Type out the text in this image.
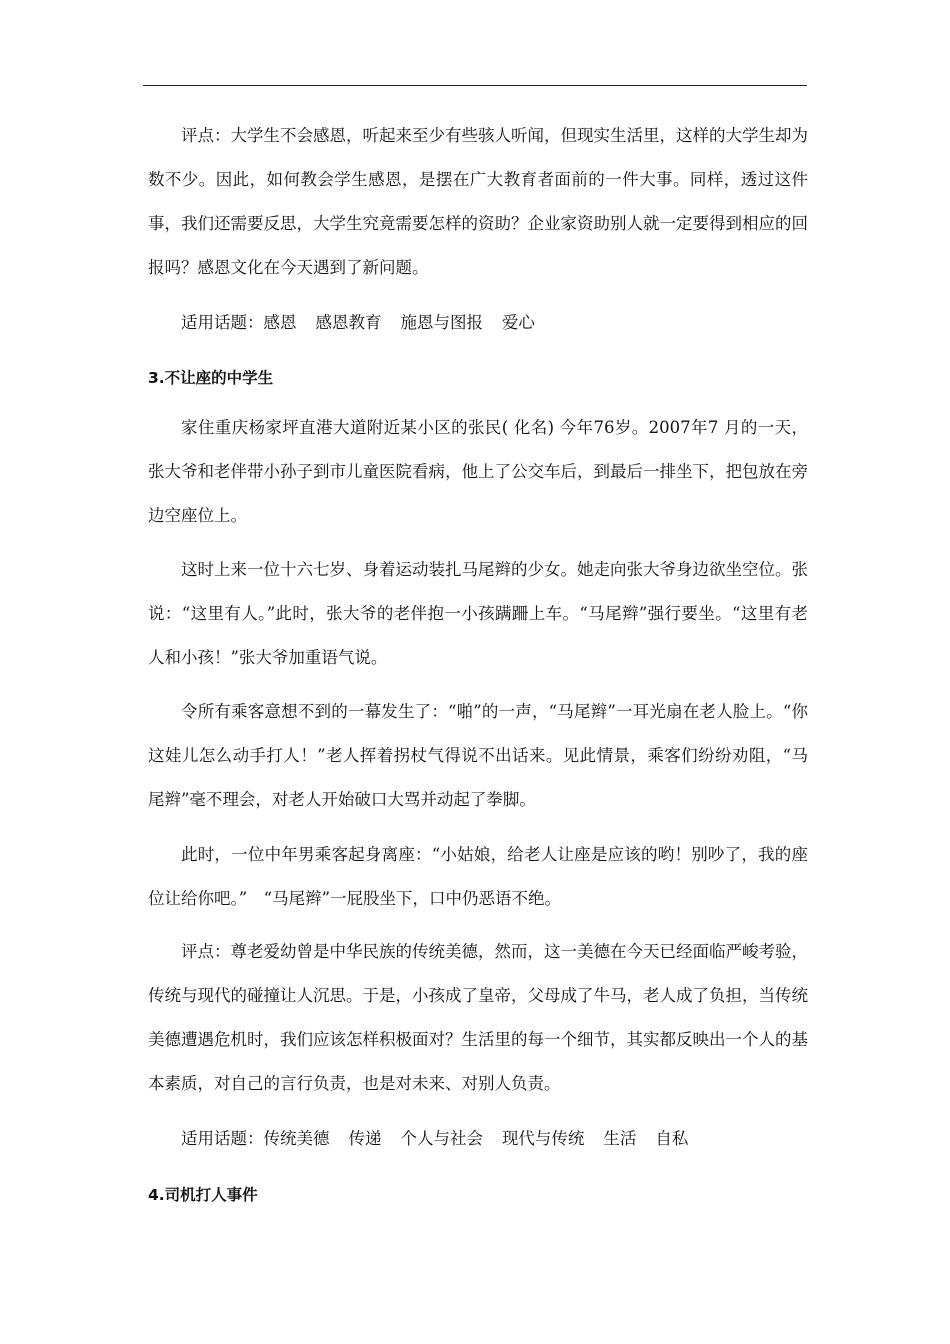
评点：大学生不会感恩，听起来至少有些骇人听闻，但现实生活里，这样的大学生却为数不少。因此，如何教会学生感恩，是摆在广大教育者面前的一件大事。同样，透过这件事，我们还需要反思，大学生究竟需要怎样的资助？企业家资助别人就一定要得到相应的回报吗？感恩文化在今天遇到了新问题。
适用话题：感恩 感恩教育 施恩与图报 爱心
3.不让座的中学生
家住重庆杨家坪直港大道附近某小区的张民( 化名) 今年76岁。2007年7 月的一天，张大爷和老伴带小孙子到市儿童医院看病，他上了公交车后，到最后一排坐下，把包放在旁边空座位上。
这时上来一位十六七岁、身着运动装扎马尾辫的少女。她走向张大爷身边欲坐空位。张说：“这里有人。”此时，张大爷的老伴抱一小孩蹒跚上车。“马尾辫”强行要坐。“这里有老人和小孩！”张大爷加重语气说。
令所有乘客意想不到的一幕发生了：“啪”的一声，“马尾辫”一耳光扇在老人脸上。“你这娃儿怎么动手打人！”老人挥着拐杖气得说不出话来。见此情景，乘客们纷纷劝阻，“马尾辫”毫不理会，对老人开始破口大骂并动起了拳脚。
此时，一位中年男乘客起身离座：“小姑娘，给老人让座是应该的哟！别吵了，我的座位让给你吧。”　“马尾辫”一屁股坐下，口中仍恶语不绝。
评点：尊老爱幼曾是中华民族的传统美德，然而，这一美德在今天已经面临严峻考验，传统与现代的碰撞让人沉思。于是，小孩成了皇帝，父母成了牛马，老人成了负担，当传统美德遭遇危机时，我们应该怎样积极面对？生活里的每一个细节，其实都反映出一个人的基本素质，对自己的言行负责，也是对未来、对别人负责。
适用话题：传统美德 传递 个人与社会 现代与传统 生活 自私
4.司机打人事件
